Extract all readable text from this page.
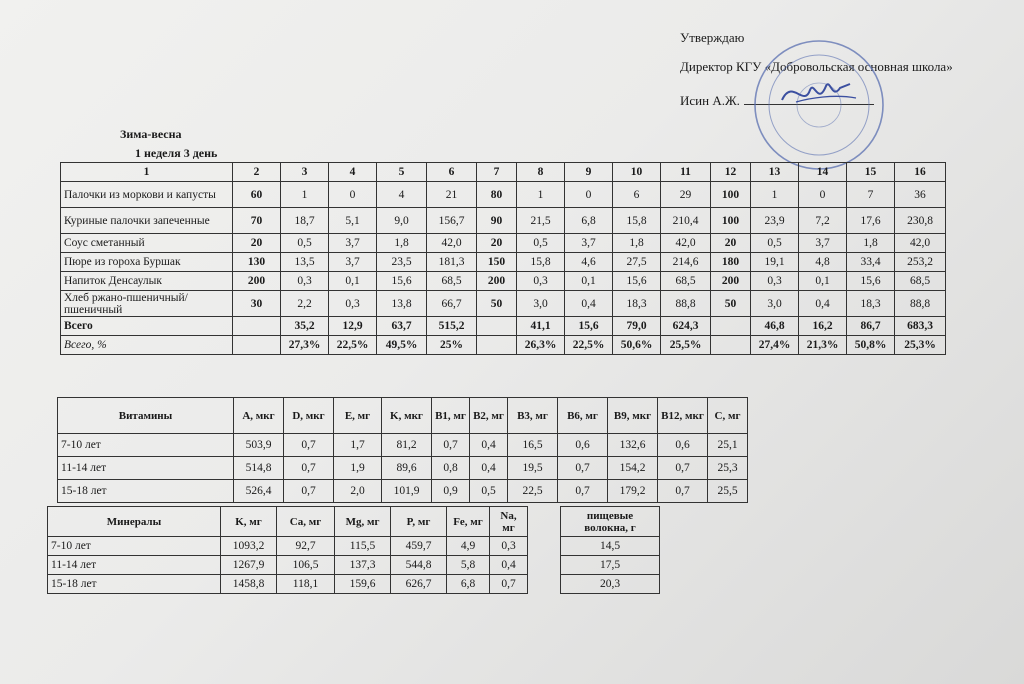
Утверждаю
Директор КГУ «Добровольская основная школа»
Исин А.Ж.
Зима-весна
1 неделя 3 день
1	2	3	4	5	6	7	8	9	10	11	12	13	14	15	16
Палочки из моркови и капусты	60	1	0	4	21	80	1	0	6	29	100	1	0	7	36
Куриные палочки запеченные	70	18,7	5,1	9,0	156,7	90	21,5	6,8	15,8	210,4	100	23,9	7,2	17,6	230,8
Соус сметанный	20	0,5	3,7	1,8	42,0	20	0,5	3,7	1,8	42,0	20	0,5	3,7	1,8	42,0
Пюре из гороха Буршак	130	13,5	3,7	23,5	181,3	150	15,8	4,6	27,5	214,6	180	19,1	4,8	33,4	253,2
Напиток Денсаулык	200	0,3	0,1	15,6	68,5	200	0,3	0,1	15,6	68,5	200	0,3	0,1	15,6	68,5
Хлеб ржано-пшеничный/ пшеничный	30	2,2	0,3	13,8	66,7	50	3,0	0,4	18,3	88,8	50	3,0	0,4	18,3	88,8
Всего		35,2	12,9	63,7	515,2		41,1	15,6	79,0	624,3		46,8	16,2	86,7	683,3
Всего, %		27,3%	22,5%	49,5%	25%		26,3%	22,5%	50,6%	25,5%		27,4%	21,3%	50,8%	25,3%
Витамины	A, мкг	D, мкг	E, мг	K, мкг	B1, мг	B2, мг	B3, мг	B6, мг	B9, мкг	B12, мкг	C, мг
7-10 лет	503,9	0,7	1,7	81,2	0,7	0,4	16,5	0,6	132,6	0,6	25,1
11-14 лет	514,8	0,7	1,9	89,6	0,8	0,4	19,5	0,7	154,2	0,7	25,3
15-18 лет	526,4	0,7	2,0	101,9	0,9	0,5	22,5	0,7	179,2	0,7	25,5
Минералы	K, мг	Ca, мг	Mg, мг	P, мг	Fe, мг	Na, мг
7-10 лет	1093,2	92,7	115,5	459,7	4,9	0,3
11-14 лет	1267,9	106,5	137,3	544,8	5,8	0,4
15-18 лет	1458,8	118,1	159,6	626,7	6,8	0,7
пищевые волокна, г
14,5
17,5
20,3
